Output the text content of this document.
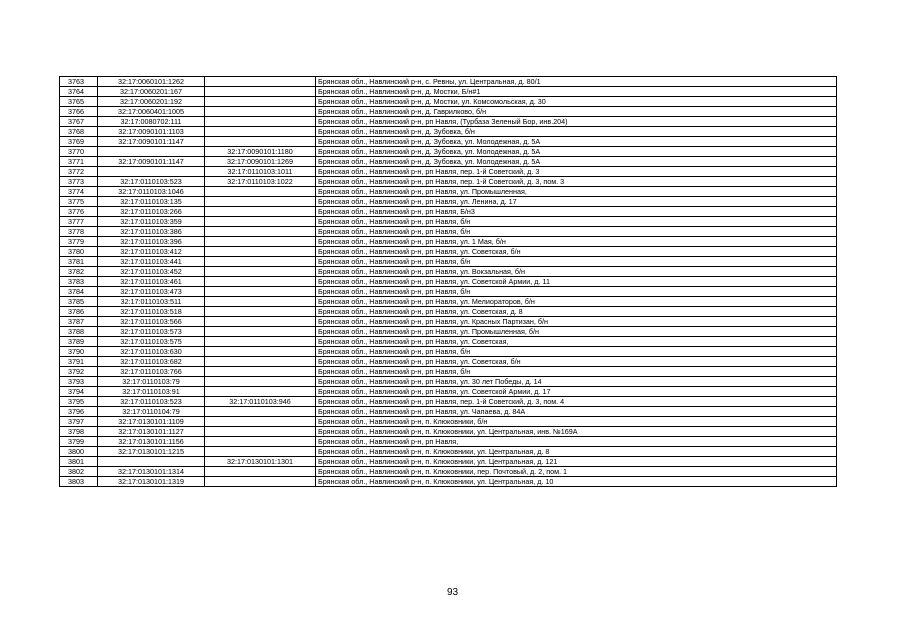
3763	32:17:0060101:1262		Брянская обл., Навлинский р-н, с. Ревны, ул. Центральная, д. 80/1
3764	32:17:0060201:167		Брянская обл., Навлинский р-н, д. Мостки, Б/н#1
3765	32:17:0060201:192		Брянская обл., Навлинский р-н, д. Мостки, ул. Комсомольская, д. 30
3766	32:17:0060401:1005		Брянская обл., Навлинский р-н, д. Гаврилково, б/н
3767	32:17:0080702:111		Брянская обл., Навлинский р-н, рп Навля, (Турбаза Зеленый Бор, инв.204)
3768	32:17:0090101:1103		Брянская обл., Навлинский р-н, д. Зубовка, б/н
3769	32:17:0090101:1147		Брянская обл., Навлинский р-н, д. Зубовка, ул. Молодежная, д. 5А
3770		32:17:0090101:1180	Брянская обл., Навлинский р-н, д. Зубовка, ул. Молодежная, д. 5А
3771	32:17:0090101:1147	32:17:0090101:1269	Брянская обл., Навлинский р-н, д. Зубовка, ул. Молодежная, д. 5А
3772		32:17:0110103:1011	Брянская обл., Навлинский р-н, рп Навля, пер. 1-й Советский, д. 3
3773	32:17:0110103:523	32:17:0110103:1022	Брянская обл., Навлинский р-н, рп Навля, пер. 1-й Советский, д. 3, пом. 3
3774	32:17:0110103:1046		Брянская обл., Навлинский р-н, рп Навля, ул. Промышленная,
3775	32:17:0110103:135		Брянская обл., Навлинский р-н, рп Навля, ул. Ленина, д. 17
3776	32:17:0110103:266		Брянская обл., Навлинский р-н, рп Навля, Б/н3
3777	32:17:0110103:359		Брянская обл., Навлинский р-н, рп Навля, б/н
3778	32:17:0110103:386		Брянская обл., Навлинский р-н, рп Навля, б/н
3779	32:17:0110103:396		Брянская обл., Навлинский р-н, рп Навля, ул. 1 Мая, б/н
3780	32:17:0110103:412		Брянская обл., Навлинский р-н, рп Навля, ул. Советская, б/н
3781	32:17:0110103:441		Брянская обл., Навлинский р-н, рп Навля, б/н
3782	32:17:0110103:452		Брянская обл., Навлинский р-н, рп Навля, ул. Вокзальная, б/н
3783	32:17:0110103:461		Брянская обл., Навлинский р-н, рп Навля, ул. Советской Армии, д. 11
3784	32:17:0110103:473		Брянская обл., Навлинский р-н, рп Навля, б/н
3785	32:17:0110103:511		Брянская обл., Навлинский р-н, рп Навля, ул. Мелиораторов, б/н
3786	32:17:0110103:518		Брянская обл., Навлинский р-н, рп Навля, ул. Советская, д. 8
3787	32:17:0110103:566		Брянская обл., Навлинский р-н, рп Навля, ул. Красных Партизан, б/н
3788	32:17:0110103:573		Брянская обл., Навлинский р-н, рп Навля, ул. Промышленная, б/н
3789	32:17:0110103:575		Брянская обл., Навлинский р-н, рп Навля, ул. Советская,
3790	32:17:0110103:630		Брянская обл., Навлинский р-н, рп Навля, б/н
3791	32:17:0110103:682		Брянская обл., Навлинский р-н, рп Навля, ул. Советская, б/н
3792	32:17:0110103:766		Брянская обл., Навлинский р-н, рп Навля, б/н
3793	32:17:0110103:79		Брянская обл., Навлинский р-н, рп Навля, ул. 30 лет Победы, д. 14
3794	32:17:0110103:91		Брянская обл., Навлинский р-н, рп Навля, ул. Советской Армии, д. 17
3795	32:17:0110103:523	32:17:0110103:946	Брянская обл., Навлинский р-н, рп Навля, пер. 1-й Советский, д. 3, пом. 4
3796	32:17:0110104:79		Брянская обл., Навлинский р-н, рп Навля, ул. Чапаева, д. 84А
3797	32:17:0130101:1109		Брянская обл., Навлинский р-н, п. Клюковники, б/н
3798	32:17:0130101:1127		Брянская обл., Навлинский р-н, п. Клюковники, ул. Центральная, инв. №169А
3799	32:17:0130101:1156		Брянская обл., Навлинский р-н, рп Навля,
3800	32:17:0130101:1215		Брянская обл., Навлинский р-н, п. Клюковники, ул. Центральная, д. 8
3801		32:17:0130101:1301	Брянская обл., Навлинский р-н, п. Клюковники, ул. Центральная, д. 121
3802	32:17:0130101:1314		Брянская обл., Навлинский р-н, п. Клюковники, пер. Почтовый, д. 2, пом. 1
3803	32:17:0130101:1319		Брянская обл., Навлинский р-н, п. Клюковники, ул. Центральная, д. 10
93
